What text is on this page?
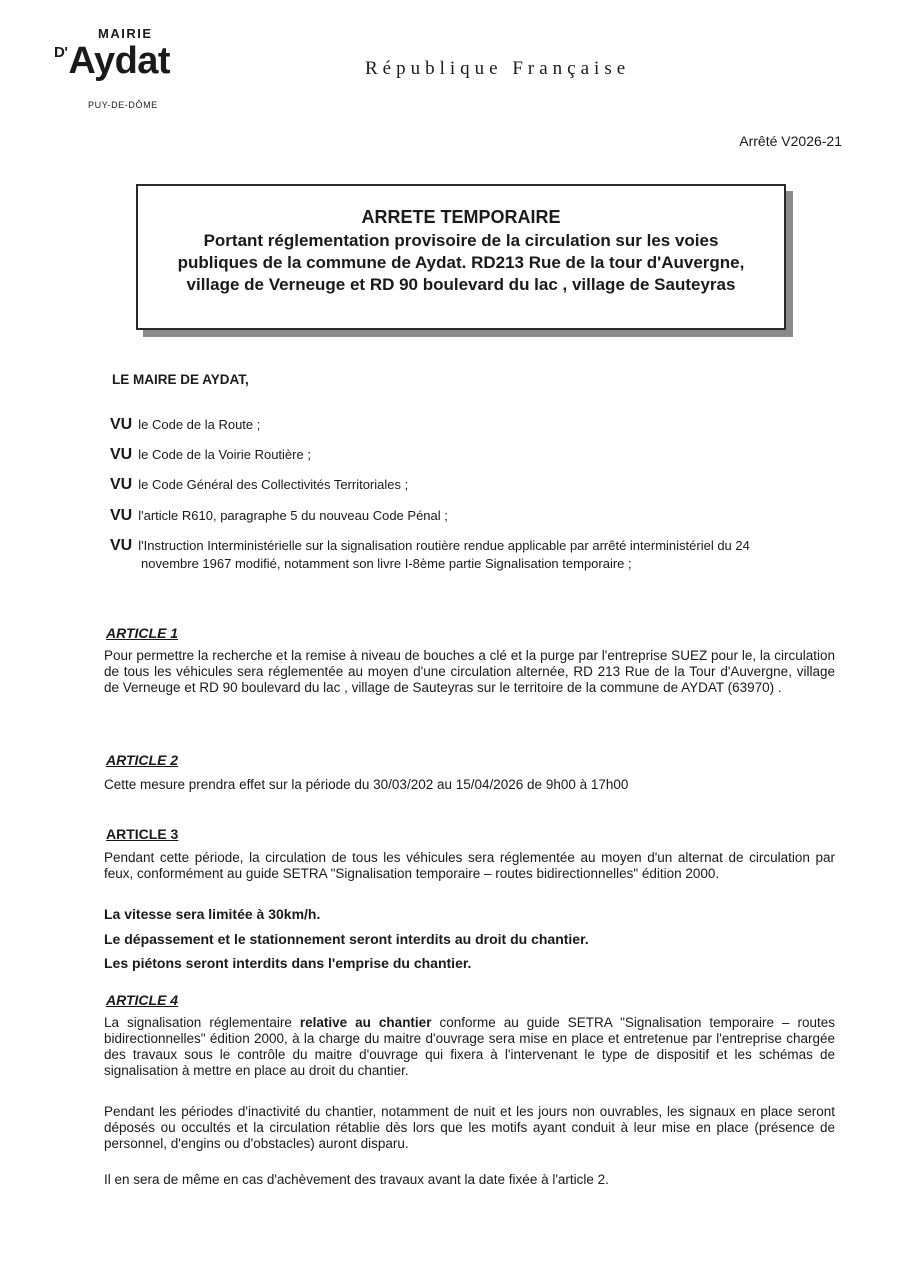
MAIRIE
$^{D'}$Aydat
PUY-DE-DÔME
République Française
Arrêté V2026-21
ARRETE TEMPORAIRE
Portant réglementation provisoire de la circulation sur les voies publiques de la commune de Aydat. RD213 Rue de la tour d'Auvergne, village de Verneuge et RD 90 boulevard du lac , village de Sauteyras
LE MAIRE DE AYDAT,
VU le Code de la Route ;
VU le Code de la Voirie Routière ;
VU le Code Général des Collectivités Territoriales ;
VU l'article R610, paragraphe 5 du nouveau Code Pénal ;
VU l'Instruction Interministérielle sur la signalisation routière rendue applicable par arrêté interministériel du 24
novembre 1967 modifié, notamment son livre I-8ème partie Signalisation temporaire ;
ARTICLE 1
Pour permettre la recherche et la remise à niveau de bouches a clé et la purge par l'entreprise SUEZ pour le, la circulation de tous les véhicules sera réglementée au moyen d'une circulation alternée, RD 213 Rue de la Tour d'Auvergne, village de Verneuge et RD 90 boulevard du lac , village de Sauteyras sur le territoire de la commune de AYDAT (63970) .
ARTICLE 2
Cette mesure prendra effet sur la période du 30/03/202 au 15/04/2026 de 9h00 à 17h00
ARTICLE 3
Pendant cette période, la circulation de tous les véhicules sera réglementée au moyen d'un alternat de circulation par feux, conformément au guide SETRA "Signalisation temporaire – routes bidirectionnelles" édition 2000.
La vitesse sera limitée à 30km/h.
Le dépassement et le stationnement seront interdits au droit du chantier.
Les piétons seront interdits dans l'emprise du chantier.
ARTICLE 4
La signalisation réglementaire relative au chantier conforme au guide SETRA "Signalisation temporaire – routes bidirectionnelles" édition 2000, à la charge du maitre d'ouvrage sera mise en place et entretenue par l'entreprise chargée des travaux sous le contrôle du maitre d'ouvrage qui fixera à l'intervenant le type de dispositif et les schémas de signalisation à mettre en place au droit du chantier.
Pendant les périodes d'inactivité du chantier, notamment de nuit et les jours non ouvrables, les signaux en place seront déposés ou occultés et la circulation rétablie dès lors que les motifs ayant conduit à leur mise en place (présence de personnel, d'engins ou d'obstacles) auront disparu.
Il en sera de même en cas d'achèvement des travaux avant la date fixée à l'article 2.
